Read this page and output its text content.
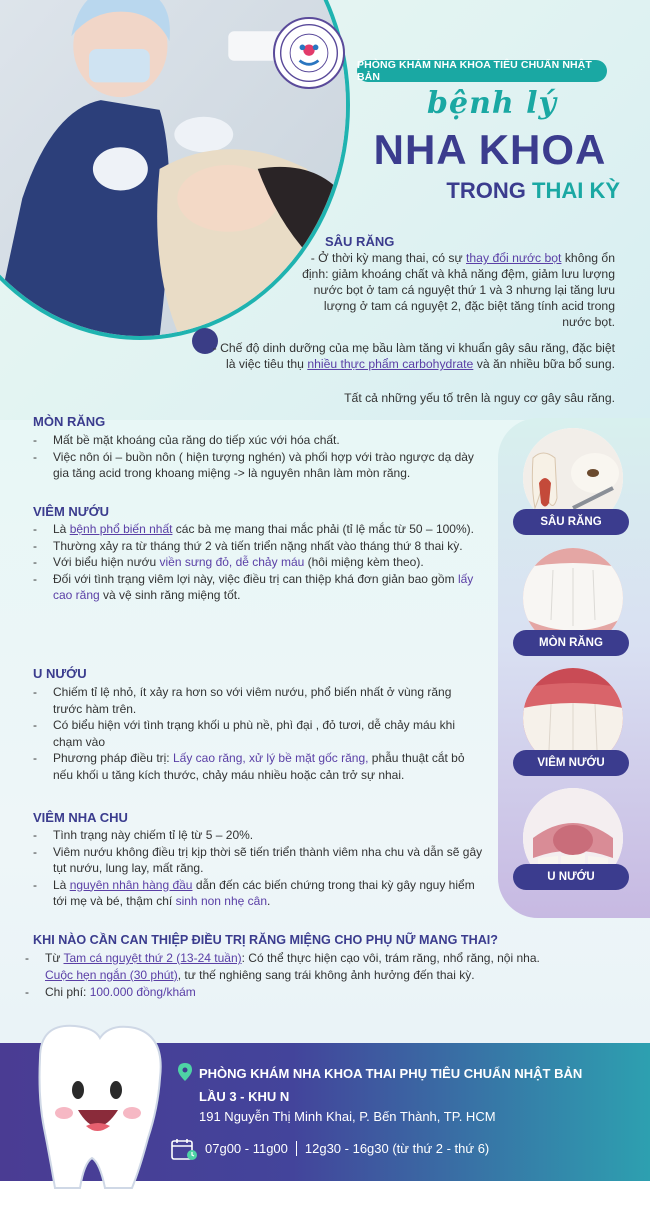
PHÒNG KHÁM NHA KHOA TIÊU CHUẨN NHẬT BẢN
bệnh lý
NHA KHOA
TRONG THAI KỲ
SÂU RĂNG
- Ở thời kỳ mang thai, có sự thay đổi nước bọt không ổn định: giảm khoáng chất và khả năng đệm, giảm lưu lượng nước bọt ở tam cá nguyệt thứ 1 và 3 nhưng lại tăng lưu lượng ở tam cá nguyệt 2, đặc biệt tăng tính acid trong nước bọt.
- Chế độ dinh dưỡng của mẹ bầu làm tăng vi khuẩn gây sâu răng, đặc biệt là việc tiêu thụ nhiều thực phẩm carbohydrate và ăn nhiều bữa bổ sung.
Tất cả những yếu tố trên là nguy cơ gây sâu răng.
SÂU RĂNG
MÒN RĂNG
VIÊM NƯỚU
U NƯỚU
MÒN RĂNG
- Mất bề mặt khoáng của răng do tiếp xúc với hóa chất.
- Việc nôn ói – buồn nôn ( hiện tượng nghén) và phối hợp với trào ngược dạ dày gia tăng acid trong khoang miệng -> là nguyên nhân làm mòn răng.
VIÊM NƯỚU
- Là bệnh phổ biến nhất các bà mẹ mang thai mắc phải (tỉ lệ mắc từ 50 – 100%).
- Thường xảy ra từ tháng thứ 2 và tiến triển nặng nhất vào tháng thứ 8 thai kỳ.
- Với biểu hiện nướu viền sưng đỏ, dễ chảy máu (hôi miệng kèm theo).
- Đối với tình trạng viêm lợi này, việc điều trị can thiệp khá đơn giản bao gồm lấy cao răng và vệ sinh răng miệng tốt.
U NƯỚU
- Chiếm tỉ lệ nhỏ, ít xảy ra hơn so với viêm nướu, phổ biến nhất ở vùng răng trước hàm trên.
- Có biểu hiện với tình trạng khối u phù nề, phì đại , đỏ tươi, dễ chảy máu khi chạm vào
- Phương pháp điều trị: Lấy cao răng, xử lý bề mặt gốc răng, phẫu thuật cắt bỏ nếu khối u tăng kích thước, chảy máu nhiều hoặc cản trở sự nhai.
VIÊM NHA CHU
- Tình trạng này chiếm tỉ lệ từ 5 – 20%.
- Viêm nướu không điều trị kịp thời sẽ tiến triển thành viêm nha chu và dẫn sẽ gây tụt nướu, lung lay, mất răng.
- Là nguyên nhân hàng đầu dẫn đến các biến chứng trong thai kỳ gây nguy hiểm tới mẹ và bé, thậm chí sinh non nhẹ cân.
KHI NÀO CẦN CAN THIỆP ĐIỀU TRỊ RĂNG MIỆNG CHO PHỤ NỮ MANG THAI?
- Từ Tam cá nguyệt thứ 2 (13-24 tuần): Có thể thực hiện cạo vôi, trám răng, nhổ răng, nội nha.
Cuộc hẹn ngắn (30 phút), tư thế nghiêng sang trái không ảnh hưởng đến thai kỳ.
- Chi phí: 100.000 đồng/khám
PHÒNG KHÁM NHA KHOA THAI PHỤ TIÊU CHUẨN NHẬT BẢN
LẦU 3 - KHU N
191 Nguyễn Thị Minh Khai, P. Bến Thành, TP. HCM
07g00 - 11g00 12g30 - 16g30 (từ thứ 2 - thứ 6)
